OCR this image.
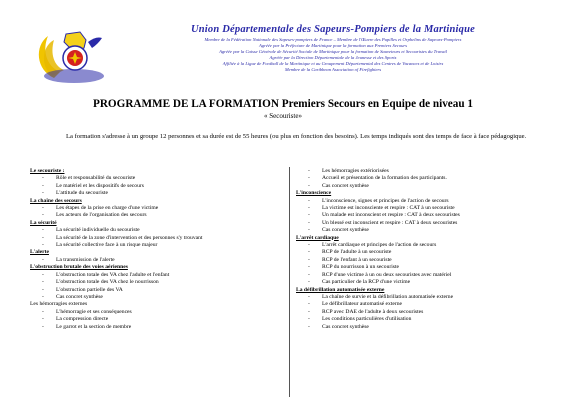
Union Départementale des Sapeurs-Pompiers de la Martinique
Membre de la Fédération Nationale des Sapeurs-pompiers de France – Membre de l'Œuvre des Pupilles et Orphelins de Sapeurs-Pompiers
Agréée par la Préfecture de Martinique pour la formation aux Premiers Secours
Agréée par la Caisse Générale de Sécurité Sociale de Martinique pour la formation de Sauveteurs et Secouristes du Travail
Agréée par la Direction Départementale de la Jeunesse et des Sports
Affiliée à la Ligue de Football de la Martinique et au Groupement Départemental des Centres de Vacances et de Loisirs
Membre de la Caribbean Association of Firefighters
PROGRAMME DE LA FORMATION Premiers Secours en Equipe de niveau 1
« Secouriste»
La formation s'adresse à un groupe 12 personnes et sa durée est de 55 heures (ou plus en fonction des besoins). Les temps indiqués sont des temps de face à face pédagogique.
Le secouriste :
- Rôle et responsabilité du secouriste
- Le matériel et les dispositifs de secours
- L'attitude du secouriste
La chaîne des secours
- Les étapes de la prise en charge d'une victime
- Les acteurs de l'organisation des secours
La sécurité
- La sécurité individuelle du secouriste
- La sécurité de la zone d'intervention et des personnes s'y trouvant
- La sécurité collective face à un risque majeur
L'alerte
- La transmission de l'alerte
L'obstruction brutale des voies aériennes
- L'obstruction totale des VA chez l'adulte et l'enfant
- L'obstruction totale des VA chez le nourrisson
- L'obstruction partielle des VA
- Cas concret synthèse
Les hémorragies externes
- L'hémorragie et ses conséquences
- La compression directe
- Le garrot et la section de membre
- Les hémorragies extériorisées
- Accueil et présentation de la formation des participants.
- Cas concret synthèse
L'inconscience
- L'inconscience, signes et principes de l'action de secours
- La victime est inconsciente et respire : CAT à un secouriste
- Un malade est inconscient et respire : CAT à deux secouristes
- Un blessé est inconscient et respire : CAT à deux secouristes
- Cas concret synthèse
L'arrêt cardiaque
- L'arrêt cardiaque et principes de l'action de secours
- RCP de l'adulte à un secouriste
- RCP de l'enfant à un secouriste
- RCP du nourrisson à un secouriste
- RCP d'une victime à un ou deux secouristes avec matériel
- Cas particulier de la RCP d'une victime
La défibrillation automatisée externe
- La chaîne de survie et la défibrillation automatisée externe
- Le défibrillateur automatisé externe
- RCP avec DAE de l'adulte à deux secouristes
- Les conditions particulières d'utilisation
- Cas concret synthèse
